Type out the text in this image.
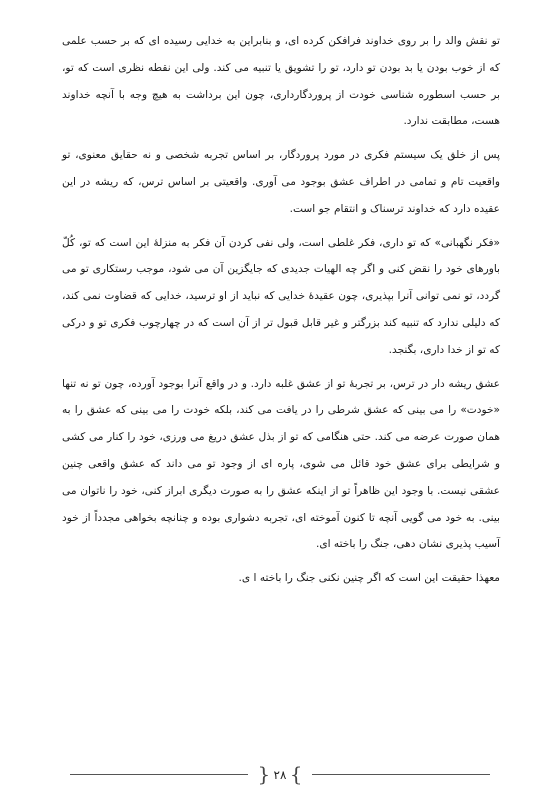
تو نقش والد را بر روی خداوند فرافکن کرده ای، و بنابراین به خدایی رسیده ای که بر حسب علمی که از خوب بودن یا بد بودن تو دارد، تو را تشویق یا تنبیه می کند. ولی این نقطه نظری است که تو، بر حسب اسطوره شناسی خودت از پروردگارداری، چون این برداشت به هیچ وجه با آنچه خداوند هست، مطابقت ندارد.

پس از خلق یک سیستم فکری در مورد پروردگار، بر اساس تجربه شخصی و نه حقایق معنوی، تو واقعیت تام و تمامی در اطراف عشق بوجود می آوری. واقعیتی بر اساس ترس، که ریشه در این عقیده دارد که خداوند ترسناک و انتقام جو است.

«فکر نگهبانی» که تو داری، فکر غلطی است، ولی نفی کردن آن فکر به منزلهٔ این است که تو، کُلّ باورهای خود را نقض کنی و اگر چه الهیات جدیدی که جایگزین آن می شود، موجب رستکاری تو می گردد، تو نمی توانی آنرا بپذیری، چون عقیدهٔ خدایی که نباید از او ترسید، خدایی که قضاوت نمی کند، که دلیلی ندارد که تنبیه کند بزرگتر و غیر قابل قبول تر از آن است که در چهارچوب فکری تو و درکی که تو از خدا داری، بگنجد.

عشق ریشه دار در ترس، بر تجربهٔ تو از عشق غلبه دارد. و در واقع آنرا بوجود آورده، چون تو نه تنها «خودت» را می بینی که عشق شرطی را در یافت می کند، بلکه خودت را می بینی که عشق را به همان صورت عرضه می کند. حتی هنگامی که تو از بذل عشق دریغ می ورزی، خود را کنار می کشی و شرایطی برای عشق خود قائل می شوی، پاره ای از وجود تو می داند که عشق واقعی چنین عشقی نیست. با وجود این ظاهراً تو از اینکه عشق را به صورت دیگری ابراز کنی، خود را ناتوان می بینی. به خود می گویی آنچه تا کنون آموخته ای، تجربه دشواری بوده و چنانچه بخواهی مجدداً از خود آسیب پذیری نشان دهی، جنگ را باخته ای.

معهذا حقیقت این است که اگر چنین نکنی جنگ را باخته ا ی.

{ ۲۸ }
